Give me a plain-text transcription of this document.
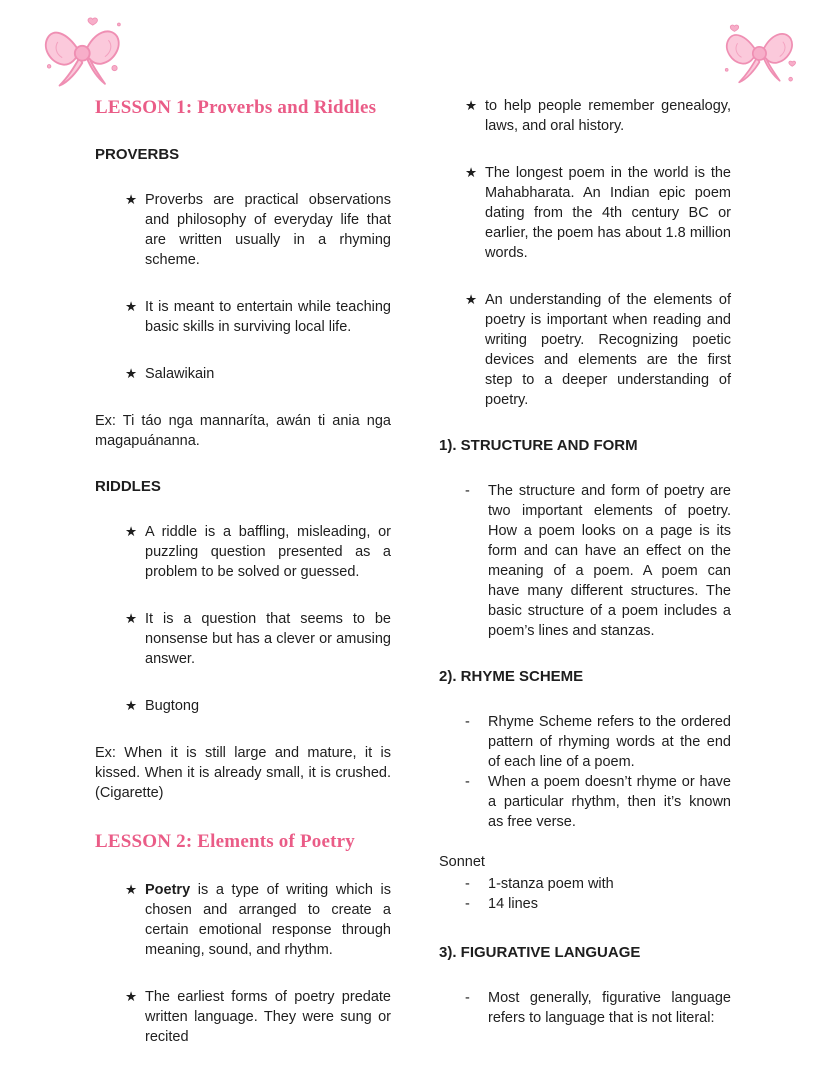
LESSON 1: Proverbs and Riddles
PROVERBS
★ Proverbs are practical observations and philosophy of everyday life that are written usually in a rhyming scheme.
★ It is meant to entertain while teaching basic skills in surviving local life.
★ Salawikain

Ex: Ti táo nga mannaríta, awán ti ania nga magapuánanna.

RIDDLES
★ A riddle is a baffling, misleading, or puzzling question presented as a problem to be solved or guessed.
★ It is a question that seems to be nonsense but has a clever or amusing answer.
★ Bugtong

Ex: When it is still large and mature, it is kissed. When it is already small, it is crushed. (Cigarette)

LESSON 2: Elements of Poetry
★ Poetry is a type of writing which is chosen and arranged to create a certain emotional response through meaning, sound, and rhythm.
★ The earliest forms of poetry predate written language. They were sung or recited
★ to help people remember genealogy, laws, and oral history.
★ The longest poem in the world is the Mahabharata. An Indian epic poem dating from the 4th century BC or earlier, the poem has about 1.8 million words.
★ An understanding of the elements of poetry is important when reading and writing poetry. Recognizing poetic devices and elements are the first step to a deeper understanding of poetry.
1). STRUCTURE AND FORM
-	The structure and form of poetry are two important elements of poetry. How a poem looks on a page is its form and can have an effect on the meaning of a poem. A poem can have many different structures. The basic structure of a poem includes a poem’s lines and stanzas.
2). RHYME SCHEME
-	Rhyme Scheme refers to the ordered pattern of rhyming words at the end of each line of a poem.
-	When a poem doesn’t rhyme or have a particular rhythm, then it’s known as free verse.

Sonnet

-	1-stanza poem with
-	14 lines
3). FIGURATIVE LANGUAGE
-	Most generally, figurative language refers to language that is not literal:
